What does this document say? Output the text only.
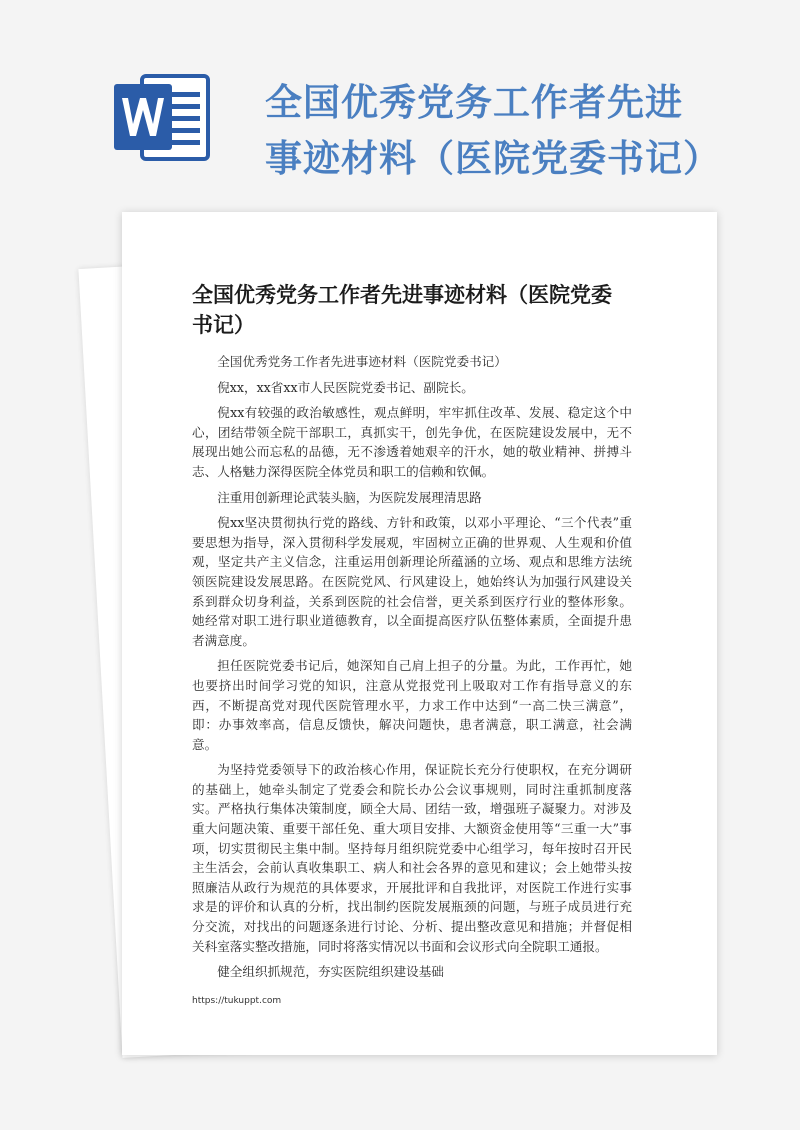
全国优秀党务工作者先进事迹材料（医院党委书记）
全国优秀党务工作者先进事迹材料（医院党委书记）

全国优秀党务工作者先进事迹材料（医院党委书记）

倪xx，xx省xx市人民医院党委书记、副院长。

倪xx有较强的政治敏感性，观点鲜明，牢牢抓住改革、发展、稳定这个中心，团结带领全院干部职工，真抓实干，创先争优，在医院建设发展中，无不展现出她公而忘私的品德，无不渗透着她艰辛的汗水，她的敬业精神、拼搏斗志、人格魅力深得医院全体党员和职工的信赖和钦佩。

注重用创新理论武装头脑，为医院发展理清思路

倪xx坚决贯彻执行党的路线、方针和政策，以邓小平理论、“三个代表”重要思想为指导，深入贯彻科学发展观，牢固树立正确的世界观、人生观和价值观，坚定共产主义信念，注重运用创新理论所蕴涵的立场、观点和思维方法统领医院建设发展思路。在医院党风、行风建设上，她始终认为加强行风建设关系到群众切身利益，关系到医院的社会信誉，更关系到医疗行业的整体形象。她经常对职工进行职业道德教育，以全面提高医疗队伍整体素质，全面提升患者满意度。

担任医院党委书记后，她深知自己肩上担子的分量。为此，工作再忙，她也要挤出时间学习党的知识，注意从党报党刊上吸取对工作有指导意义的东西，不断提高党对现代医院管理水平，力求工作中达到“一高二快三满意”，即：办事效率高，信息反馈快，解决问题快，患者满意，职工满意，社会满意。

为坚持党委领导下的政治核心作用，保证院长充分行使职权，在充分调研的基础上，她牵头制定了党委会和院长办公会议事规则，同时注重抓制度落实。严格执行集体决策制度，顾全大局、团结一致，增强班子凝聚力。对涉及重大问题决策、重要干部任免、重大项目安排、大额资金使用等“三重一大”事项，切实贯彻民主集中制。坚持每月组织院党委中心组学习，每年按时召开民主生活会，会前认真收集职工、病人和社会各界的意见和建议；会上她带头按照廉洁从政行为规范的具体要求，开展批评和自我批评，对医院工作进行实事求是的评价和认真的分析，找出制约医院发展瓶颈的问题，与班子成员进行充分交流，对找出的问题逐条进行讨论、分析、提出整改意见和措施；并督促相关科室落实整改措施，同时将落实情况以书面和会议形式向全院职工通报。

健全组织抓规范，夯实医院组织建设基础

https://tukuppt.com
